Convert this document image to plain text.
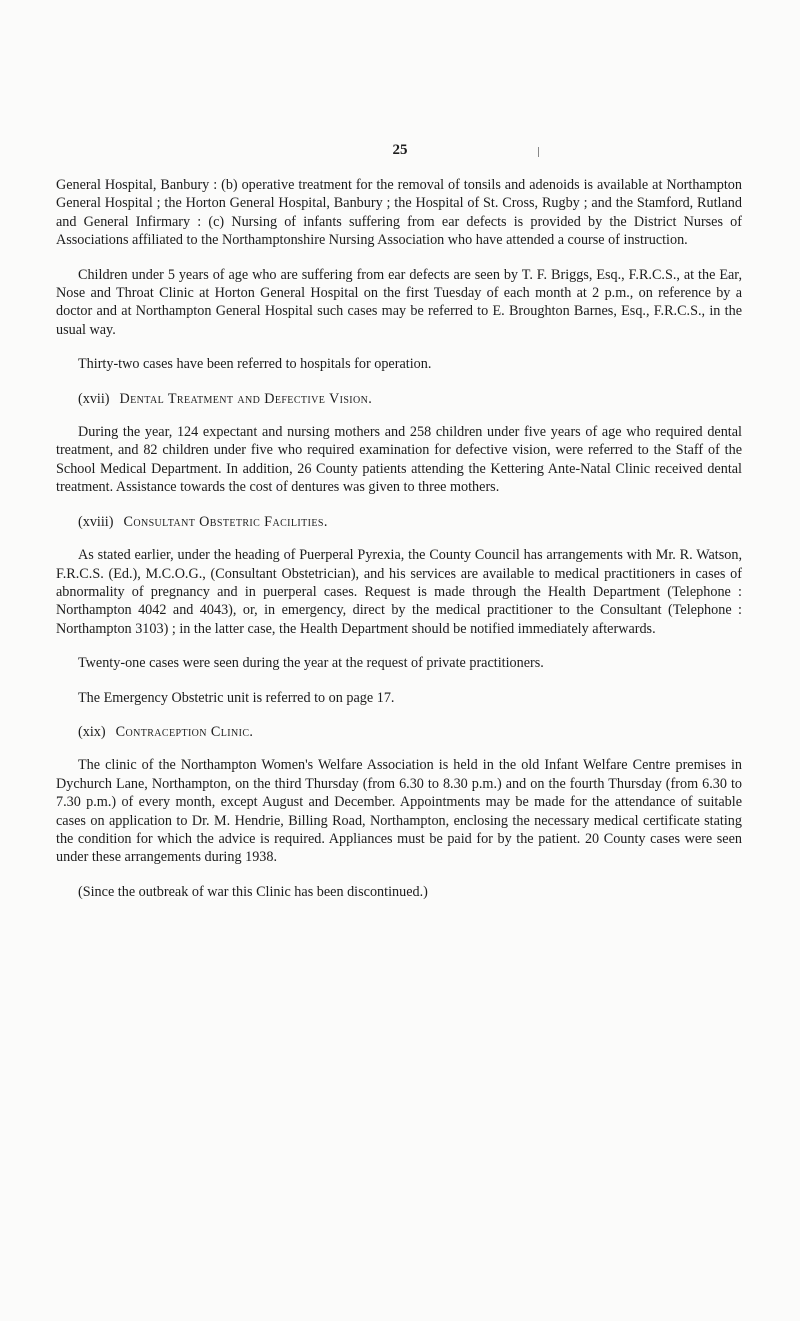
25

General Hospital, Banbury : (b) operative treatment for the removal of tonsils and adenoids is available at Northampton General Hospital ; the Horton General Hospital, Banbury ; the Hospital of St. Cross, Rugby ; and the Stamford, Rutland and General Infirmary : (c) Nursing of infants suffering from ear defects is provided by the District Nurses of Associations affiliated to the Northamptonshire Nursing Association who have attended a course of instruction.

Children under 5 years of age who are suffering from ear defects are seen by T. F. Briggs, Esq., F.R.C.S., at the Ear, Nose and Throat Clinic at Horton General Hospital on the first Tuesday of each month at 2 p.m., on reference by a doctor and at Northampton General Hospital such cases may be referred to E. Broughton Barnes, Esq., F.R.C.S., in the usual way.

Thirty-two cases have been referred to hospitals for operation.

(xvii) Dental Treatment and Defective Vision.

During the year, 124 expectant and nursing mothers and 258 children under five years of age who required dental treatment, and 82 children under five who required examination for defective vision, were referred to the Staff of the School Medical Department. In addition, 26 County patients attending the Kettering Ante-Natal Clinic received dental treatment. Assistance towards the cost of dentures was given to three mothers.

(xviii) Consultant Obstetric Facilities.

As stated earlier, under the heading of Puerperal Pyrexia, the County Council has arrangements with Mr. R. Watson, F.R.C.S. (Ed.), M.C.O.G., (Consultant Obstetrician), and his services are available to medical practitioners in cases of abnormality of pregnancy and in puerperal cases. Request is made through the Health Department (Telephone : Northampton 4042 and 4043), or, in emergency, direct by the medical practitioner to the Consultant (Telephone : Northampton 3103) ; in the latter case, the Health Department should be notified immediately afterwards.

Twenty-one cases were seen during the year at the request of private practitioners.

The Emergency Obstetric unit is referred to on page 17.

(xix) Contraception Clinic.

The clinic of the Northampton Women's Welfare Association is held in the old Infant Welfare Centre premises in Dychurch Lane, Northampton, on the third Thursday (from 6.30 to 8.30 p.m.) and on the fourth Thursday (from 6.30 to 7.30 p.m.) of every month, except August and December. Appointments may be made for the attendance of suitable cases on application to Dr. M. Hendrie, Billing Road, Northampton, enclosing the necessary medical certificate stating the condition for which the advice is required. Appliances must be paid for by the patient. 20 County cases were seen under these arrangements during 1938.

(Since the outbreak of war this Clinic has been discontinued.)
